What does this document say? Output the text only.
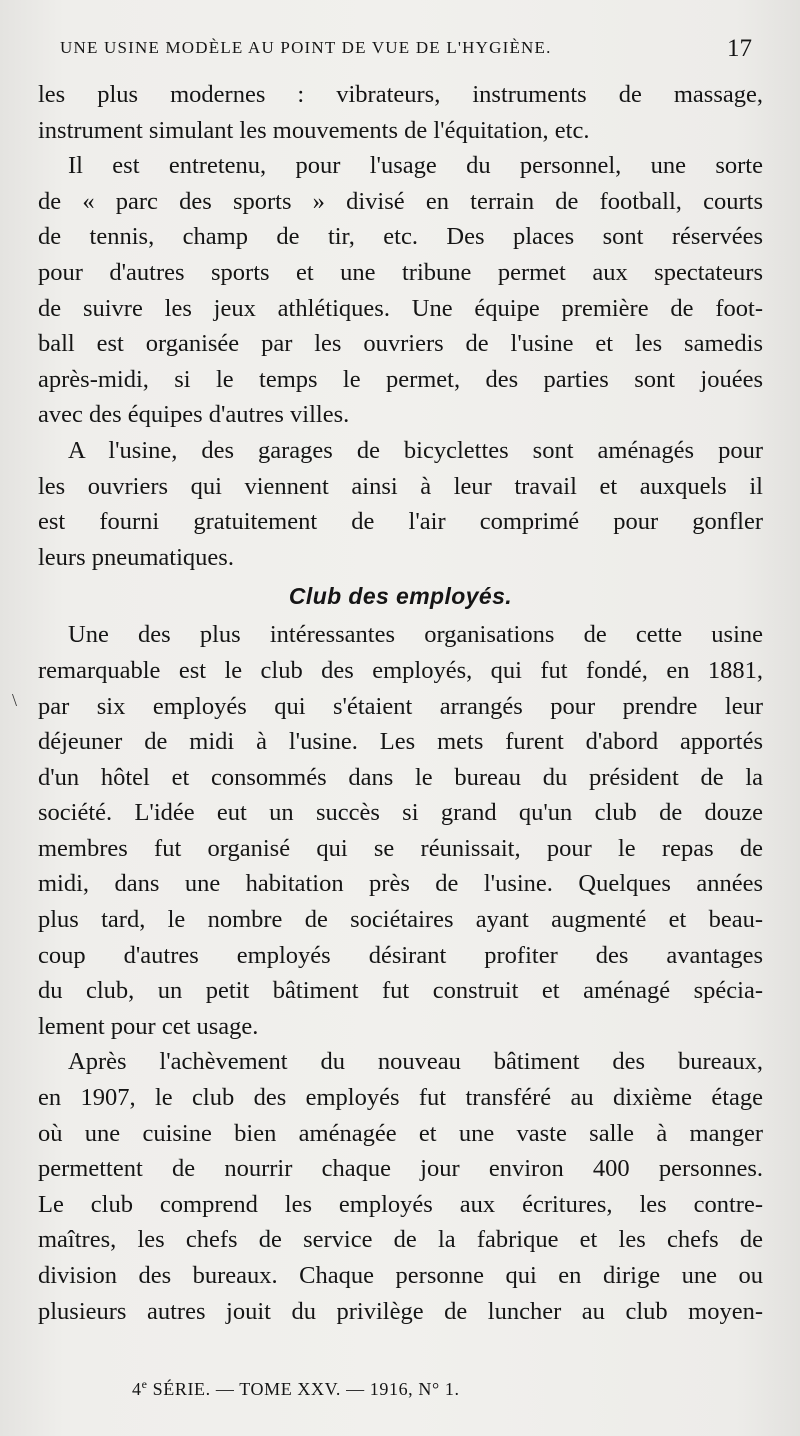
UNE USINE MODÈLE AU POINT DE VUE DE L'HYGIÈNE.	17
\
les plus modernes : vibrateurs, instruments de massage,
instrument simulant les mouvements de l'équitation, etc.
Il est entretenu, pour l'usage du personnel, une sorte
de « parc des sports » divisé en terrain de football, courts
de tennis, champ de tir, etc. Des places sont réservées
pour d'autres sports et une tribune permet aux spectateurs
de suivre les jeux athlétiques. Une équipe première de foot-
ball est organisée par les ouvriers de l'usine et les samedis
après-midi, si le temps le permet, des parties sont jouées
avec des équipes d'autres villes.
A l'usine, des garages de bicyclettes sont aménagés pour
les ouvriers qui viennent ainsi à leur travail et auxquels il
est fourni gratuitement de l'air comprimé pour gonfler
leurs pneumatiques.
Club des employés.
Une des plus intéressantes organisations de cette usine
remarquable est le club des employés, qui fut fondé, en 1881,
par six employés qui s'étaient arrangés pour prendre leur
déjeuner de midi à l'usine. Les mets furent d'abord apportés
d'un hôtel et consommés dans le bureau du président de la
société. L'idée eut un succès si grand qu'un club de douze
membres fut organisé qui se réunissait, pour le repas de
midi, dans une habitation près de l'usine. Quelques années
plus tard, le nombre de sociétaires ayant augmenté et beau-
coup d'autres employés désirant profiter des avantages
du club, un petit bâtiment fut construit et aménagé spécia-
lement pour cet usage.
Après l'achèvement du nouveau bâtiment des bureaux,
en 1907, le club des employés fut transféré au dixième étage
où une cuisine bien aménagée et une vaste salle à manger
permettent de nourrir chaque jour environ 400 personnes.
Le club comprend les employés aux écritures, les contre-
maîtres, les chefs de service de la fabrique et les chefs de
division des bureaux. Chaque personne qui en dirige une ou
plusieurs autres jouit du privilège de luncher au club moyen-
4e SÉRIE. — TOME XXV. — 1916, N° 1.
